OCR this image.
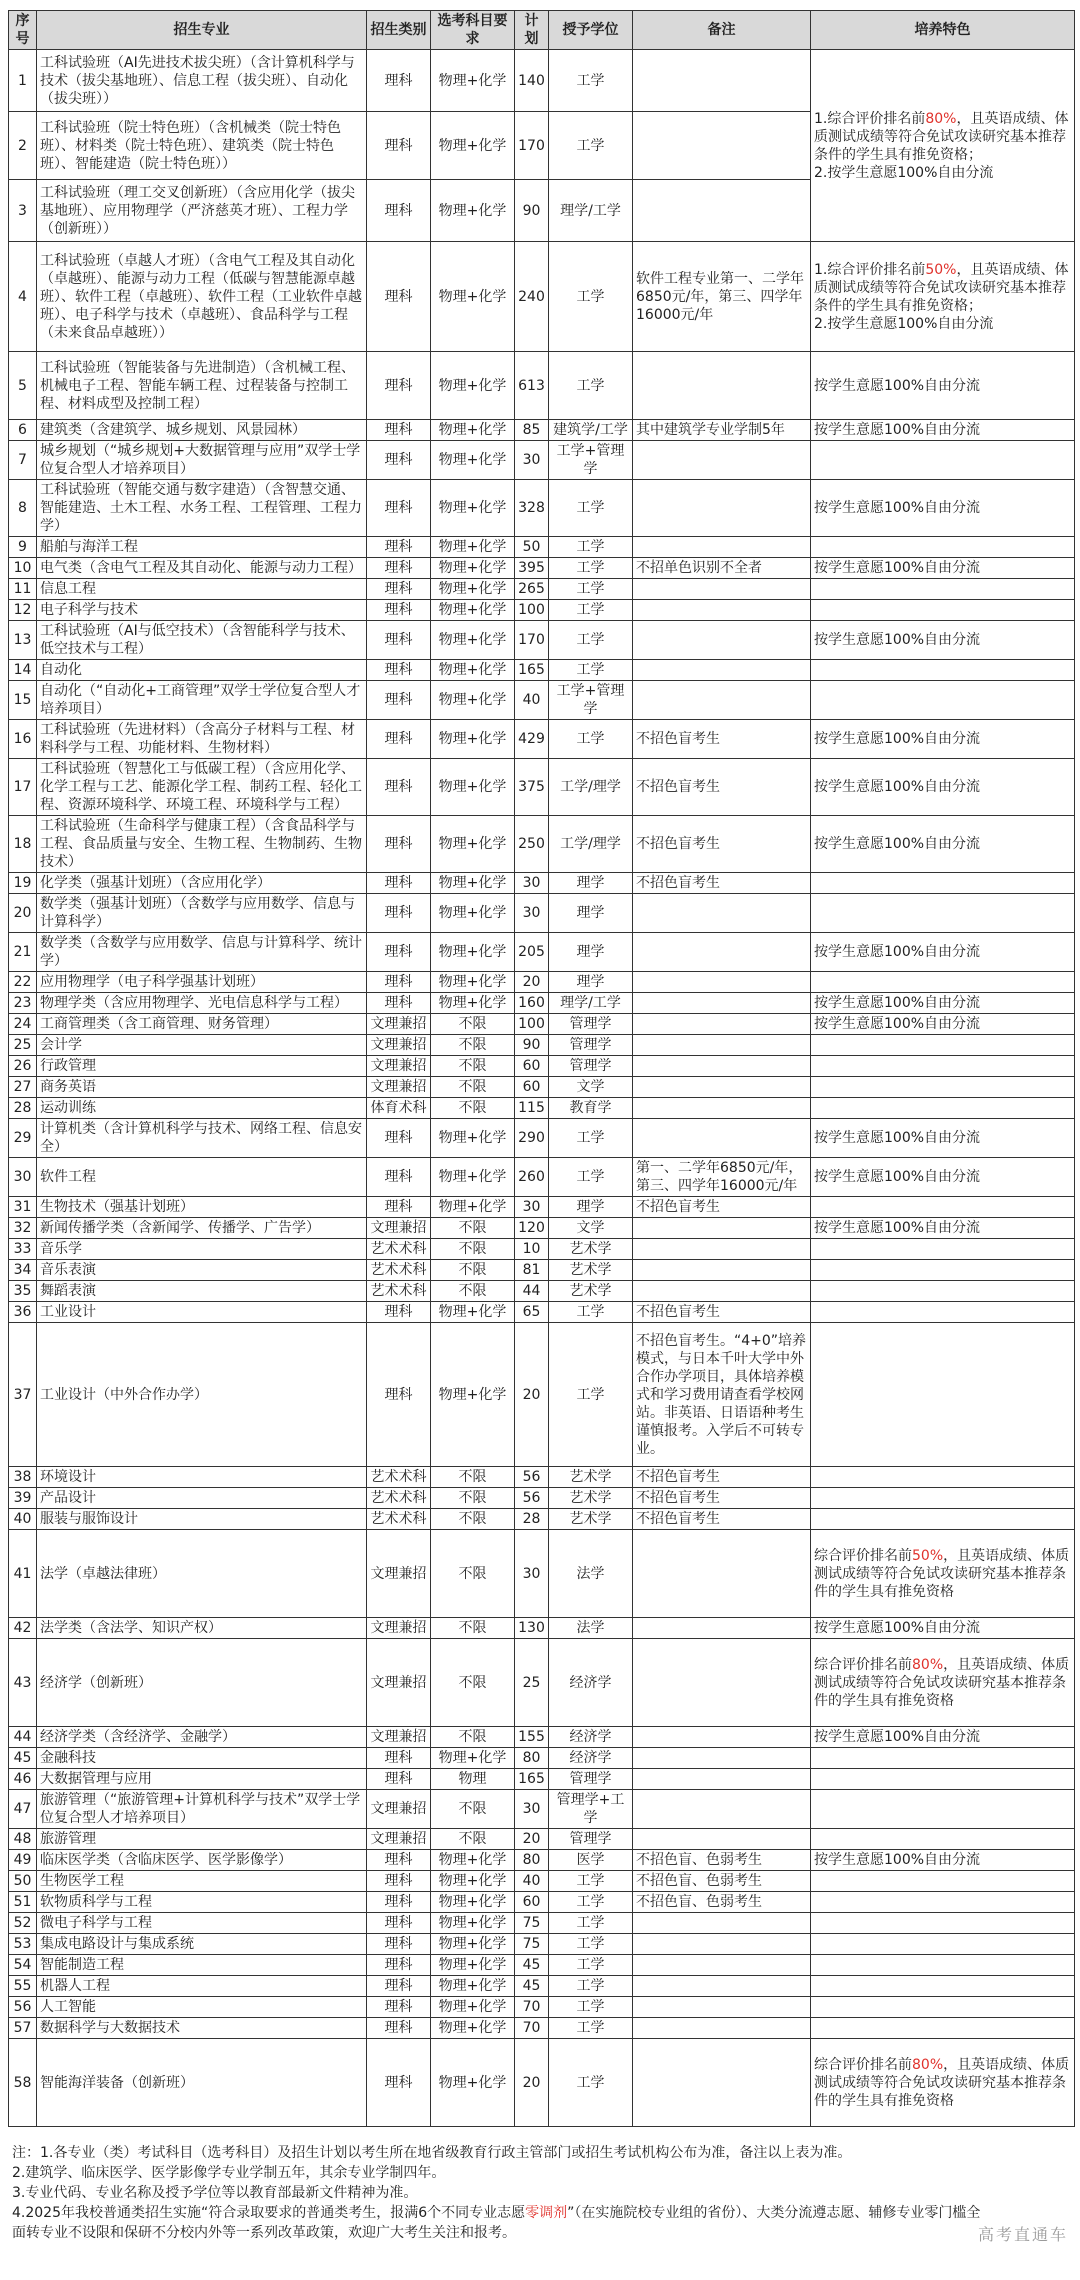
序号	招生专业	招生类别	选考科目要求	计划	授予学位	备注	培养特色
1	工科试验班（AI先进技术拔尖班）（含计算机科学与技术（拔尖基地班）、信息工程（拔尖班）、自动化（拔尖班））	理科	物理+化学	140	工学		1.综合评价排名前80%，且英语成绩、体质测试成绩等符合免试攻读研究基本推荐条件的学生具有推免资格；
2.按学生意愿100%自由分流
2	工科试验班（院士特色班）（含机械类（院士特色班）、材料类（院士特色班）、建筑类（院士特色班）、智能建造（院士特色班））	理科	物理+化学	170	工学		
3	工科试验班（理工交叉创新班）（含应用化学（拔尖基地班）、应用物理学（严济慈英才班）、工程力学（创新班））	理科	物理+化学	90	理学/工学		
4	工科试验班（卓越人才班）（含电气工程及其自动化（卓越班）、能源与动力工程（低碳与智慧能源卓越班）、软件工程（卓越班）、软件工程（工业软件卓越班）、电子科学与技术（卓越班）、食品科学与工程（未来食品卓越班））	理科	物理+化学	240	工学	软件工程专业第一、二学年6850元/年，第三、四学年16000元/年	1.综合评价排名前50%，且英语成绩、体质测试成绩等符合免试攻读研究基本推荐条件的学生具有推免资格；
2.按学生意愿100%自由分流
5	工科试验班（智能装备与先进制造）（含机械工程、机械电子工程、智能车辆工程、过程装备与控制工程、材料成型及控制工程）	理科	物理+化学	613	工学		按学生意愿100%自由分流
6	建筑类（含建筑学、城乡规划、风景园林）	理科	物理+化学	85	建筑学/工学	其中建筑学专业学制5年	按学生意愿100%自由分流
7	城乡规划（“城乡规划+大数据管理与应用”双学士学位复合型人才培养项目）	理科	物理+化学	30	工学+管理学		
8	工科试验班（智能交通与数字建造）（含智慧交通、智能建造、土木工程、水务工程、工程管理、工程力学）	理科	物理+化学	328	工学		按学生意愿100%自由分流
9	船舶与海洋工程	理科	物理+化学	50	工学		
10	电气类（含电气工程及其自动化、能源与动力工程）	理科	物理+化学	395	工学	不招单色识别不全者	按学生意愿100%自由分流
11	信息工程	理科	物理+化学	265	工学		
12	电子科学与技术	理科	物理+化学	100	工学		
13	工科试验班（AI与低空技术）（含智能科学与技术、低空技术与工程）	理科	物理+化学	170	工学		按学生意愿100%自由分流
14	自动化	理科	物理+化学	165	工学		
15	自动化（“自动化+工商管理”双学士学位复合型人才培养项目）	理科	物理+化学	40	工学+管理学		
16	工科试验班（先进材料）（含高分子材料与工程、材料科学与工程、功能材料、生物材料）	理科	物理+化学	429	工学	不招色盲考生	按学生意愿100%自由分流
17	工科试验班（智慧化工与低碳工程）（含应用化学、化学工程与工艺、能源化学工程、制药工程、轻化工程、资源环境科学、环境工程、环境科学与工程）	理科	物理+化学	375	工学/理学	不招色盲考生	按学生意愿100%自由分流
18	工科试验班（生命科学与健康工程）（含食品科学与工程、食品质量与安全、生物工程、生物制药、生物技术）	理科	物理+化学	250	工学/理学	不招色盲考生	按学生意愿100%自由分流
19	化学类（强基计划班）（含应用化学）	理科	物理+化学	30	理学	不招色盲考生	
20	数学类（强基计划班）（含数学与应用数学、信息与计算科学）	理科	物理+化学	30	理学		
21	数学类（含数学与应用数学、信息与计算科学、统计学）	理科	物理+化学	205	理学		按学生意愿100%自由分流
22	应用物理学（电子科学强基计划班）	理科	物理+化学	20	理学		
23	物理学类（含应用物理学、光电信息科学与工程）	理科	物理+化学	160	理学/工学		按学生意愿100%自由分流
24	工商管理类（含工商管理、财务管理）	文理兼招	不限	100	管理学		按学生意愿100%自由分流
25	会计学	文理兼招	不限	90	管理学		
26	行政管理	文理兼招	不限	60	管理学		
27	商务英语	文理兼招	不限	60	文学		
28	运动训练	体育术科	不限	115	教育学		
29	计算机类（含计算机科学与技术、网络工程、信息安全）	理科	物理+化学	290	工学		按学生意愿100%自由分流
30	软件工程	理科	物理+化学	260	工学	第一、二学年6850元/年，第三、四学年16000元/年	按学生意愿100%自由分流
31	生物技术（强基计划班）	理科	物理+化学	30	理学	不招色盲考生	
32	新闻传播学类（含新闻学、传播学、广告学）	文理兼招	不限	120	文学		按学生意愿100%自由分流
33	音乐学	艺术术科	不限	10	艺术学		
34	音乐表演	艺术术科	不限	81	艺术学		
35	舞蹈表演	艺术术科	不限	44	艺术学		
36	工业设计	理科	物理+化学	65	工学	不招色盲考生	
37	工业设计（中外合作办学）	理科	物理+化学	20	工学	不招色盲考生。“4+0”培养模式，与日本千叶大学中外合作办学项目，具体培养模式和学习费用请查看学校网站。非英语、日语语种考生谨慎报考。入学后不可转专业。	
38	环境设计	艺术术科	不限	56	艺术学	不招色盲考生	
39	产品设计	艺术术科	不限	56	艺术学	不招色盲考生	
40	服装与服饰设计	艺术术科	不限	28	艺术学	不招色盲考生	
41	法学（卓越法律班）	文理兼招	不限	30	法学		综合评价排名前50%，且英语成绩、体质测试成绩等符合免试攻读研究基本推荐条件的学生具有推免资格
42	法学类（含法学、知识产权）	文理兼招	不限	130	法学		按学生意愿100%自由分流
43	经济学（创新班）	文理兼招	不限	25	经济学		综合评价排名前80%，且英语成绩、体质测试成绩等符合免试攻读研究基本推荐条件的学生具有推免资格
44	经济学类（含经济学、金融学）	文理兼招	不限	155	经济学		按学生意愿100%自由分流
45	金融科技	理科	物理+化学	80	经济学		
46	大数据管理与应用	理科	物理	165	管理学		
47	旅游管理（“旅游管理+计算机科学与技术”双学士学位复合型人才培养项目）	文理兼招	不限	30	管理学+工学		
48	旅游管理	文理兼招	不限	20	管理学		
49	临床医学类（含临床医学、医学影像学）	理科	物理+化学	80	医学	不招色盲、色弱考生	按学生意愿100%自由分流
50	生物医学工程	理科	物理+化学	40	工学	不招色盲、色弱考生	
51	软物质科学与工程	理科	物理+化学	60	工学	不招色盲、色弱考生	
52	微电子科学与工程	理科	物理+化学	75	工学		
53	集成电路设计与集成系统	理科	物理+化学	75	工学		
54	智能制造工程	理科	物理+化学	45	工学		
55	机器人工程	理科	物理+化学	45	工学		
56	人工智能	理科	物理+化学	70	工学		
57	数据科学与大数据技术	理科	物理+化学	70	工学		
58	智能海洋装备（创新班）	理科	物理+化学	20	工学		综合评价排名前80%，且英语成绩、体质测试成绩等符合免试攻读研究基本推荐条件的学生具有推免资格
注：1.各专业（类）考试科目（选考科目）及招生计划以考生所在地省级教育行政主管部门或招生考试机构公布为准，备注以上表为准。
2.建筑学、临床医学、医学影像学专业学制五年，其余专业学制四年。
3.专业代码、专业名称及授予学位等以教育部最新文件精神为准。
4.2025年我校普通类招生实施“符合录取要求的普通类考生，报满6个不同专业志愿零调剂”（在实施院校专业组的省份）、大类分流遵志愿、辅修专业零门槛全
面转专业不设限和保研不分校内外等一系列改革政策，欢迎广大考生关注和报考。	高考直通车
